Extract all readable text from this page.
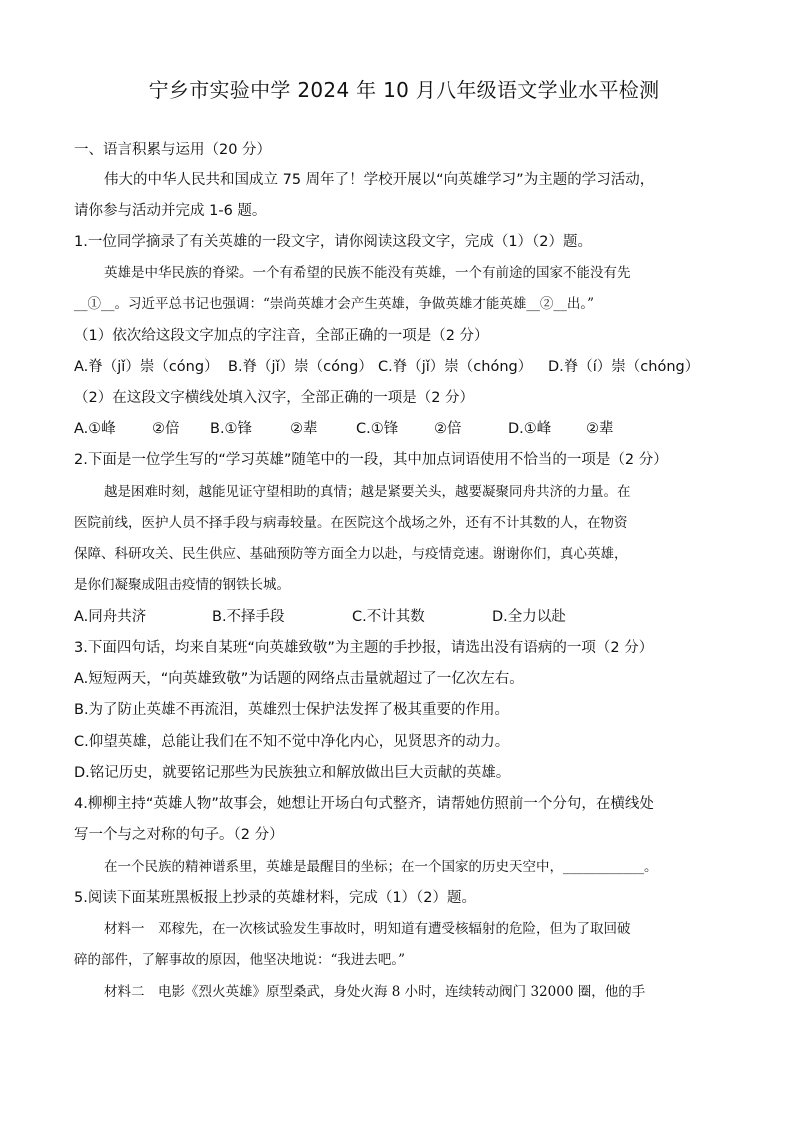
宁乡市实验中学 2024 年 10 月八年级语文学业水平检测
一、语言积累与运用（20 分）
伟大的中华人民共和国成立 75 周年了！学校开展以“向英雄学习”为主题的学习活动，
请你参与活动并完成 1-6 题。
1.一位同学摘录了有关英雄的一段文字，请你阅读这段文字，完成（1）（2）题。
英雄是中华民族的脊梁。一个有希望的民族不能没有英雄，一个有前途的国家不能没有先
__①__。习近平总书记也强调：“崇尚英雄才会产生英雄，争做英雄才能英雄__②__出。”
（1）依次给这段文字加点的字注音，全部正确的一项是（2 分）
A.脊（jǐ）崇（cóng） B.脊（jǐ）崇（cóng） C.脊（jǐ）崇（chóng）	D.脊（í）崇（chóng）
（2）在这段文字横线处填入汉字，全部正确的一项是（2 分）
A.①峰	②倍	B.①锋	②辈	C.①锋	②倍	D.①峰	②辈
2.下面是一位学生写的“学习英雄”随笔中的一段，其中加点词语使用不恰当的一项是（2 分）
越是困难时刻，越能见证守望相助的真情；越是紧要关头，越要凝聚同舟共济的力量。在
医院前线，医护人员不择手段与病毒较量。在医院这个战场之外，还有不计其数的人，在物资
保障、科研攻关、民生供应、基础预防等方面全力以赴，与疫情竞速。谢谢你们，真心英雄，
是你们凝聚成阻击疫情的钢铁长城。
A.同舟共济	B.不择手段	C.不计其数	D.全力以赴
3.下面四句话，均来自某班“向英雄致敬”为主题的手抄报，请选出没有语病的一项（2 分）
A.短短两天，“向英雄致敬”为话题的网络点击量就超过了一亿次左右。
B.为了防止英雄不再流泪，英雄烈士保护法发挥了极其重要的作用。
C.仰望英雄，总能让我们在不知不觉中净化内心，见贤思齐的动力。
D.铭记历史，就要铭记那些为民族独立和解放做出巨大贡献的英雄。
4.柳柳主持“英雄人物”故事会，她想让开场白句式整齐，请帮她仿照前一个分句，在横线处
写一个与之对称的句子。（2 分）
在一个民族的精神谱系里，英雄是最醒目的坐标；在一个国家的历史天空中，____________。
5.阅读下面某班黑板报上抄录的英雄材料，完成（1）（2）题。
材料一　邓稼先，在一次核试验发生事故时，明知道有遭受核辐射的危险，但为了取回破
碎的部件，了解事故的原因，他坚决地说：“我进去吧。”
材料二　电影《烈火英雄》原型桑武，身处火海 8 小时，连续转动阀门 32000 圈，他的手
